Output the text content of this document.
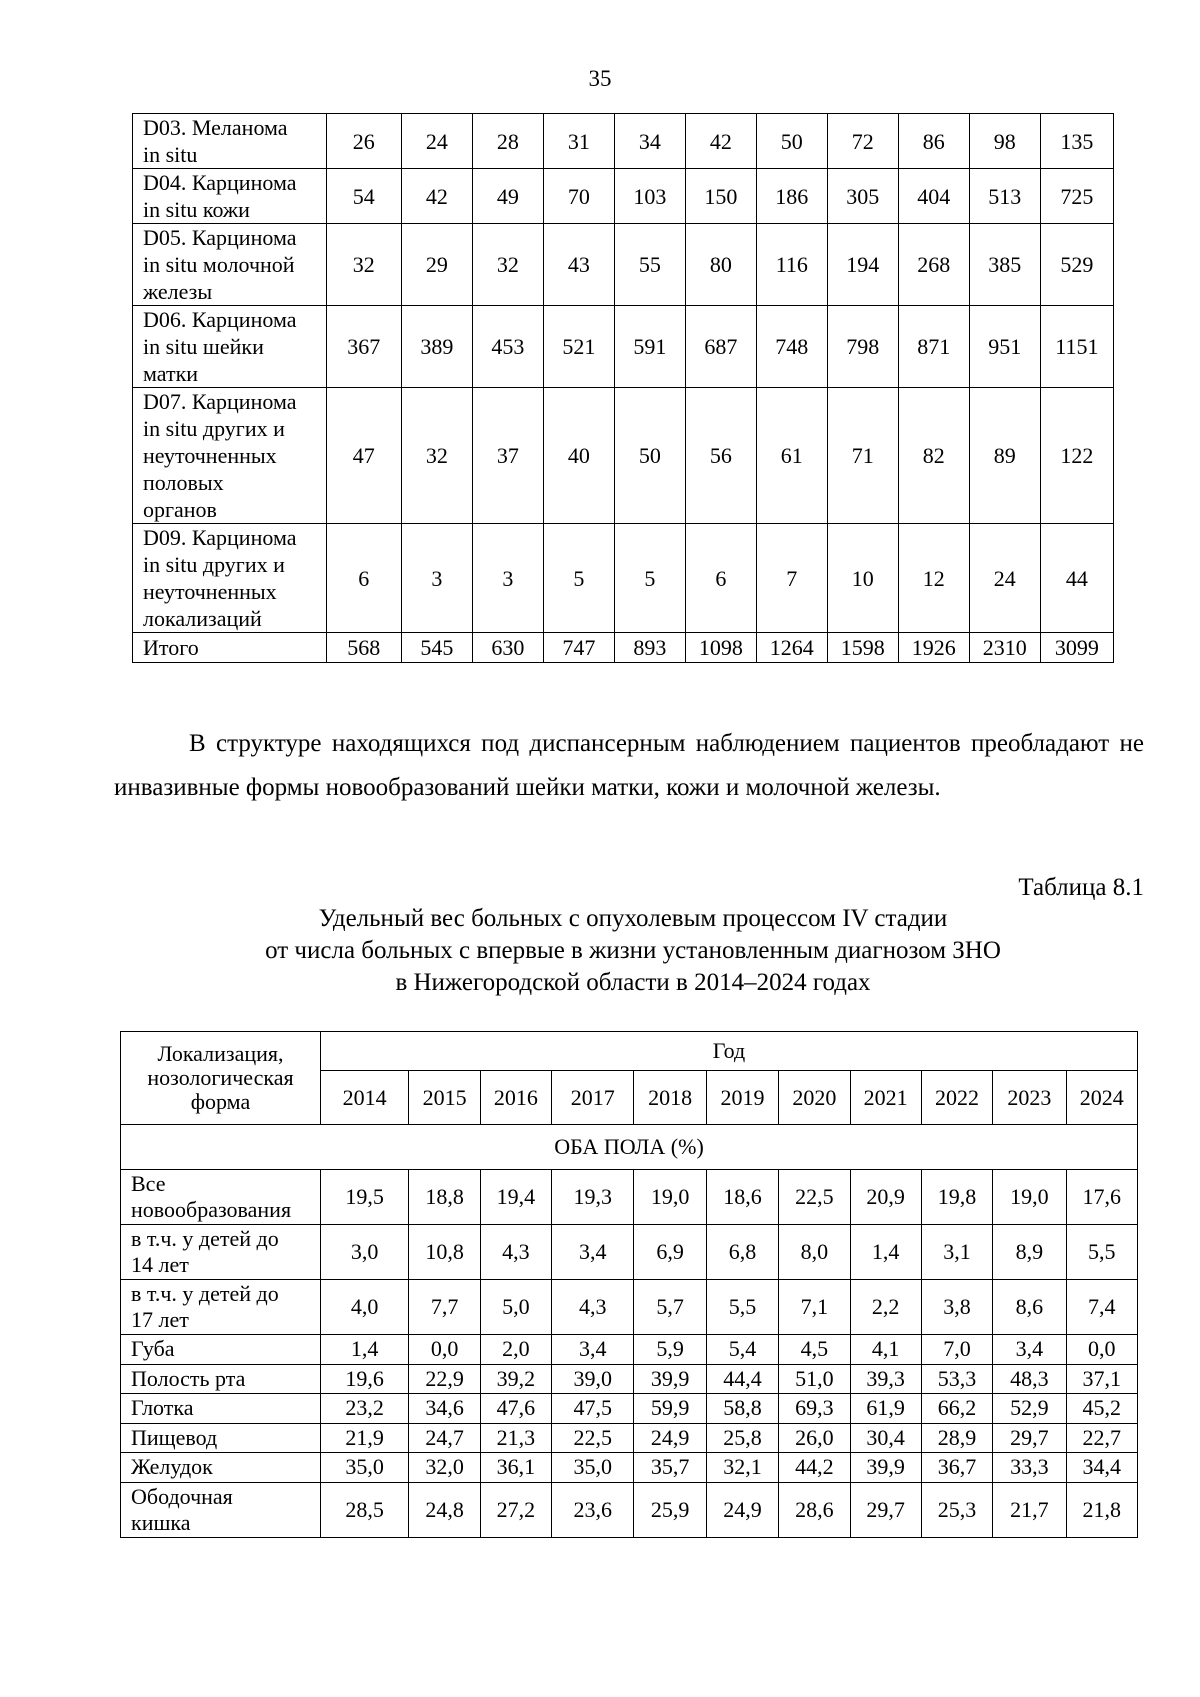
35
D03. Меланома
in situ	26	24	28	31	34	42	50	72	86	98	135

D04. Карцинома
in situ кожи	54	42	49	70	103	150	186	305	404	513	725

D05. Карцинома
in situ молочной
железы	32	29	32	43	55	80	116	194	268	385	529

D06. Карцинома
in situ шейки
матки	367	389	453	521	591	687	748	798	871	951	1151

D07. Карцинома
in situ других и
неуточненных
половых
органов	47	32	37	40	50	56	61	71	82	89	122

D09. Карцинома
in situ других и
неуточненных
локализаций	6	3	3	5	5	6	7	10	12	24	44

Итого	568	545	630	747	893	1098	1264	1598	1926	2310	3099
В структуре находящихся под диспансерным наблюдением пациентов преобладают не инвазивные формы новообразований шейки матки, кожи и молочной железы.
Таблица 8.1
Удельный вес больных с опухолевым процессом IV стадии
от числа больных с впервые в жизни установленным диагнозом ЗНО
в Нижегородской области в 2014–2024 годах
Локализация,
нозологическая
форма	Год										
	2014	2015	2016	2017	2018	2019	2020	2021	2022	2023	2024
ОБА ПОЛА (%)											

Все
новообразования	19,5	18,8	19,4	19,3	19,0	18,6	22,5	20,9	19,8	19,0	17,6

в т.ч. у детей до
14 лет	3,0	10,8	4,3	3,4	6,9	6,8	8,0	1,4	3,1	8,9	5,5

в т.ч. у детей до
17 лет	4,0	7,7	5,0	4,3	5,7	5,5	7,1	2,2	3,8	8,6	7,4

Губа	1,4	0,0	2,0	3,4	5,9	5,4	4,5	4,1	7,0	3,4	0,0

Полость рта	19,6	22,9	39,2	39,0	39,9	44,4	51,0	39,3	53,3	48,3	37,1

Глотка	23,2	34,6	47,6	47,5	59,9	58,8	69,3	61,9	66,2	52,9	45,2

Пищевод	21,9	24,7	21,3	22,5	24,9	25,8	26,0	30,4	28,9	29,7	22,7

Желудок	35,0	32,0	36,1	35,0	35,7	32,1	44,2	39,9	36,7	33,3	34,4

Ободочная
кишка	28,5	24,8	27,2	23,6	25,9	24,9	28,6	29,7	25,3	21,7	21,8
